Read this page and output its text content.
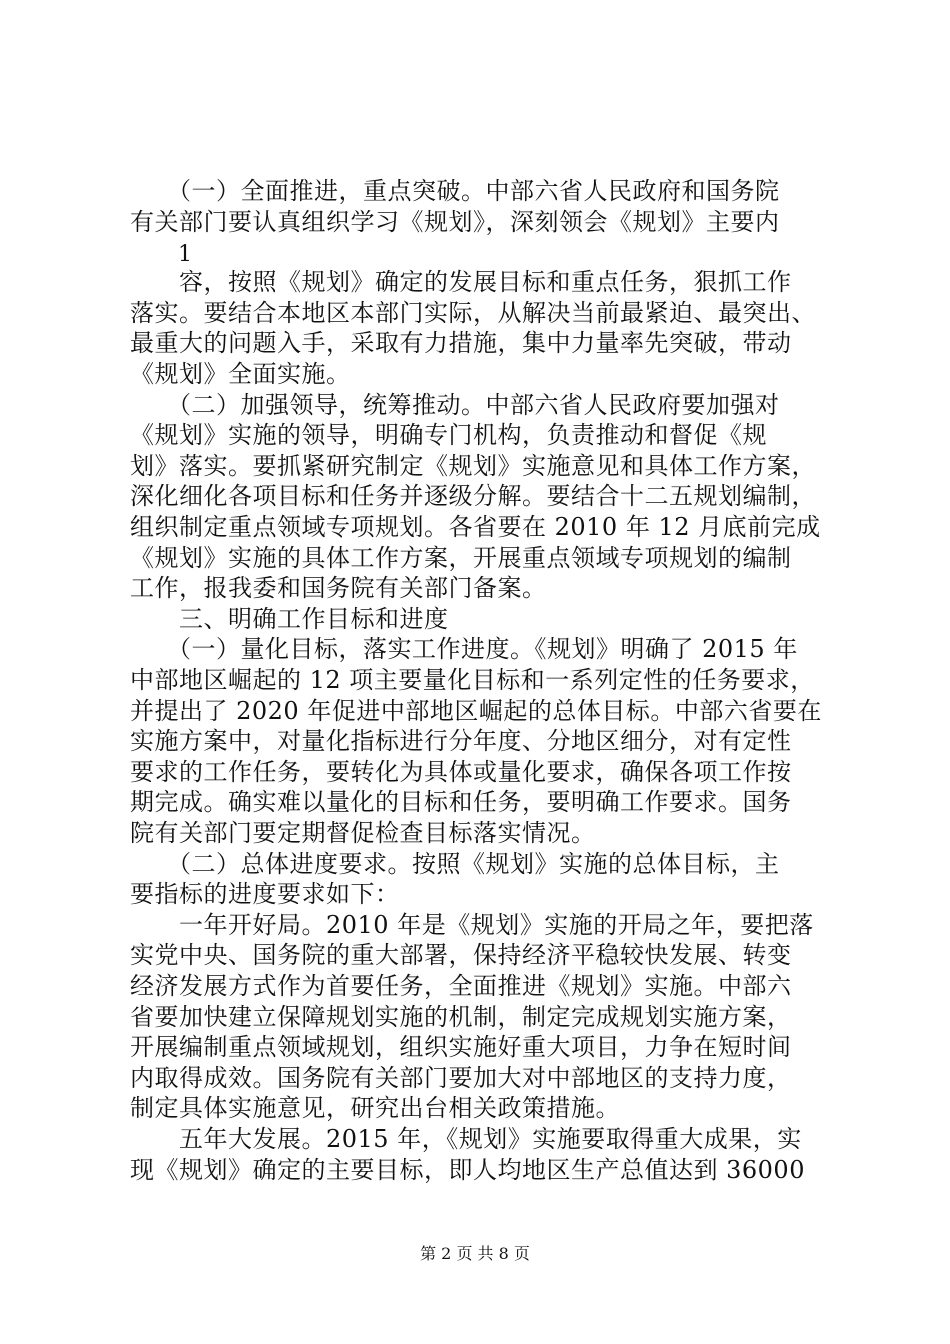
1
　　（一）全面推进，重点突破。中部六省人民政府和国务院
有关部门要认真组织学习《规划》，深刻领会《规划》主要内
　　容，按照《规划》确定的发展目标和重点任务，狠抓工作
落实。要结合本地区本部门实际，从解决当前最紧迫、最突出、
最重大的问题入手，采取有力措施，集中力量率先突破，带动
《规划》全面实施。
　　（二）加强领导，统筹推动。中部六省人民政府要加强对
《规划》实施的领导，明确专门机构，负责推动和督促《规
划》落实。要抓紧研究制定《规划》实施意见和具体工作方案，
深化细化各项目标和任务并逐级分解。要结合十二五规划编制，
组织制定重点领域专项规划。各省要在 2010 年 12 月底前完成
《规划》实施的具体工作方案，开展重点领域专项规划的编制
工作，报我委和国务院有关部门备案。
　　三、明确工作目标和进度
　　（一）量化目标，落实工作进度。《规划》明确了 2015 年
中部地区崛起的 12 项主要量化目标和一系列定性的任务要求，
并提出了 2020 年促进中部地区崛起的总体目标。中部六省要在
实施方案中，对量化指标进行分年度、分地区细分，对有定性
要求的工作任务，要转化为具体或量化要求，确保各项工作按
期完成。确实难以量化的目标和任务，要明确工作要求。国务
院有关部门要定期督促检查目标落实情况。
　　（二）总体进度要求。按照《规划》实施的总体目标，主
要指标的进度要求如下：
　　一年开好局。2010 年是《规划》实施的开局之年，要把落
实党中央、国务院的重大部署，保持经济平稳较快发展、转变
经济发展方式作为首要任务，全面推进《规划》实施。中部六
省要加快建立保障规划实施的机制，制定完成规划实施方案，
开展编制重点领域规划，组织实施好重大项目，力争在短时间
内取得成效。国务院有关部门要加大对中部地区的支持力度，
制定具体实施意见，研究出台相关政策措施。
　　五年大发展。2015 年，《规划》实施要取得重大成果，实
现《规划》确定的主要目标，即人均地区生产总值达到 36000
第 2 页 共 8 页
